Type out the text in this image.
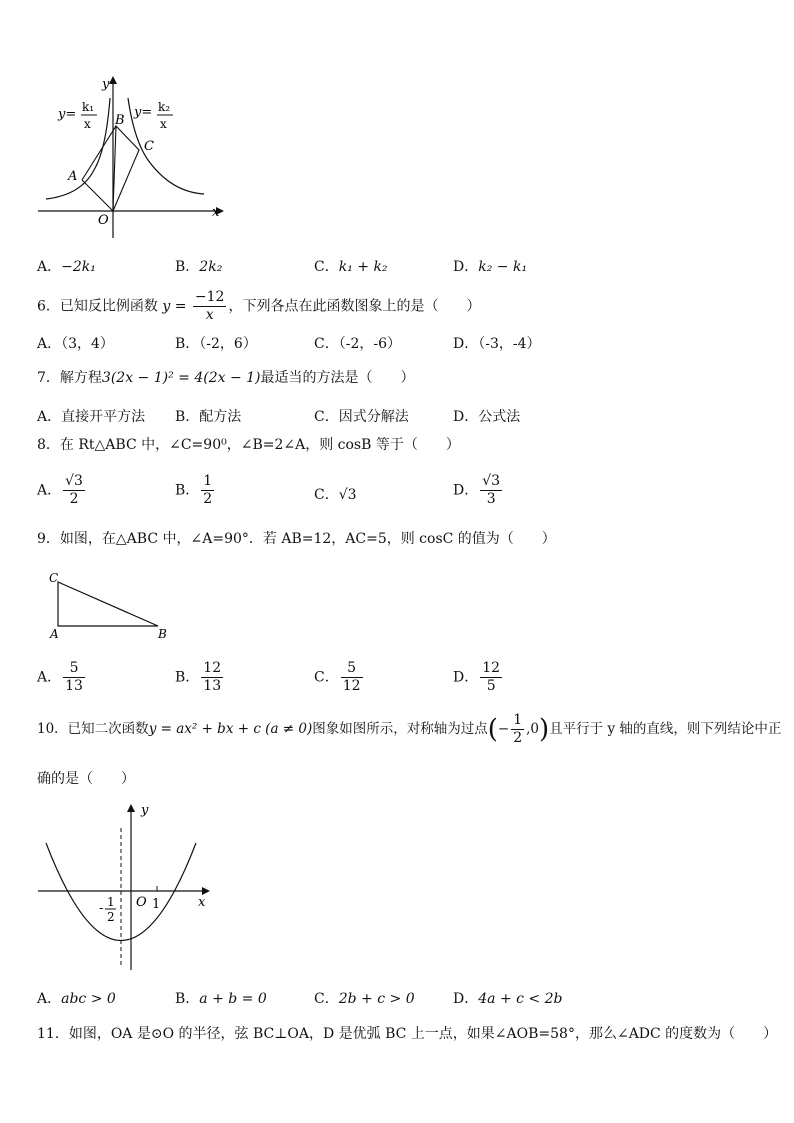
y
x
O
A
B
C
y= k₁
x
y= k₂
x
A．−2k₁	B．2k₂	C．k₁ + k₂	D．k₂ − k₁
6．已知反比例函数 $y = \frac{-12}{x}$ ，下列各点在此函数图象上的是（　　）
A．（3，4）	B．（-2，6）	C．（-2，-6）	D．（-3，-4）
7．解方程3(2x − 1)² = 4(2x − 1)最适当的方法是（　　）
A．直接开平方法 B．配方法	C．因式分解法	D．公式法
8．在 Rt△ABC 中，∠C=90⁰，∠B=2∠A，则 cosB 等于（　　）
A． $\frac{√3}{2}$	B． $\frac{1}{2}$	C．√3	D． $\frac{√3}{3}$
9．如图，在△ABC 中，∠A=90°．若 AB=12，AC=5，则 cosC 的值为（　　）
C
A	B
A． $\frac{5}{13}$	B． $\frac{12}{13}$	C． $\frac{5}{12}$	D． $\frac{12}{5}$
10．已知二次函数y = ax² + bx + c (a ≠ 0)图象如图所示，对称轴为过点(− $\frac{1}{2} ,0$)且平行于 y 轴的直线，则下列结论中正
确的是（　　）
y
x
O 1
- 1
2
A．abc > 0	B．a + b = 0	C．2b + c > 0	D．4a + c < 2b
11．如图，OA 是⊙O 的半径，弦 BC⊥OA，D 是优弧 BC 上一点，如果∠AOB=58°，那么∠ADC 的度数为（　　）
